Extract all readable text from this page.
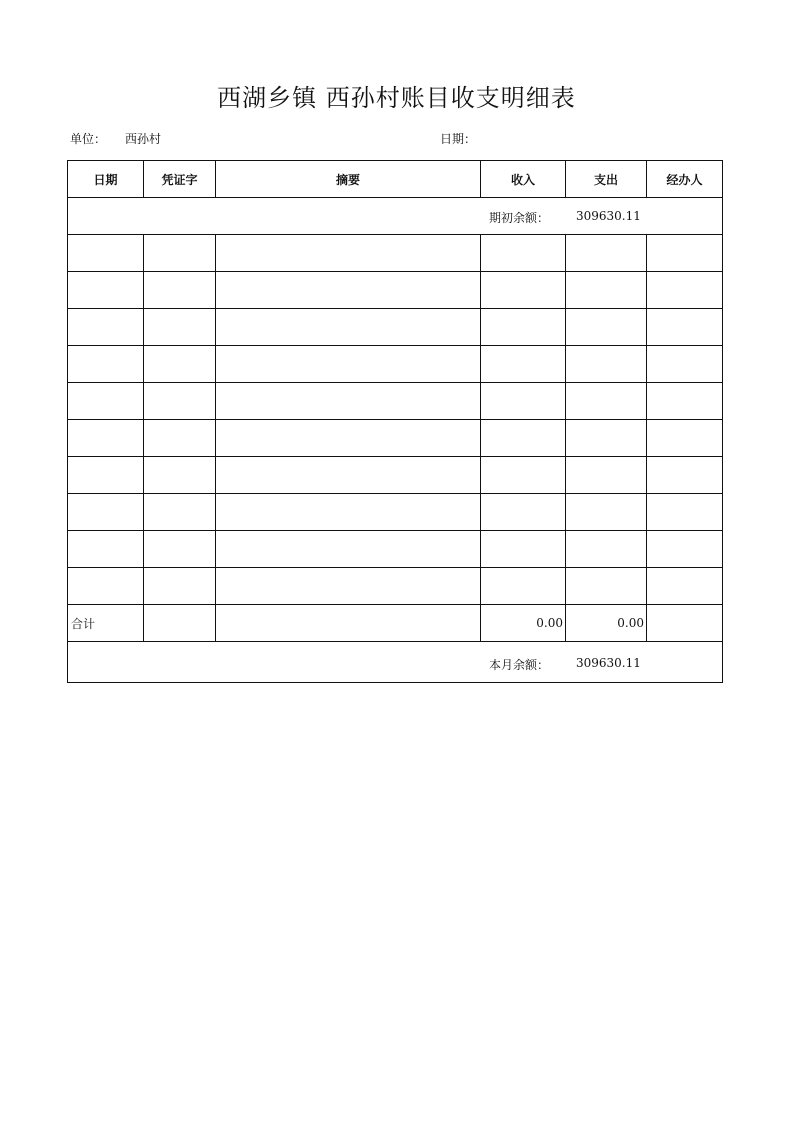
西湖乡镇 西孙村账目收支明细表
单位： 西孙村	日期：
日期	凭证字	摘要	收入	支出	经办人

期初余额： 309630.11					

合计			0.00	0.00	

本月余额： 309630.11					
